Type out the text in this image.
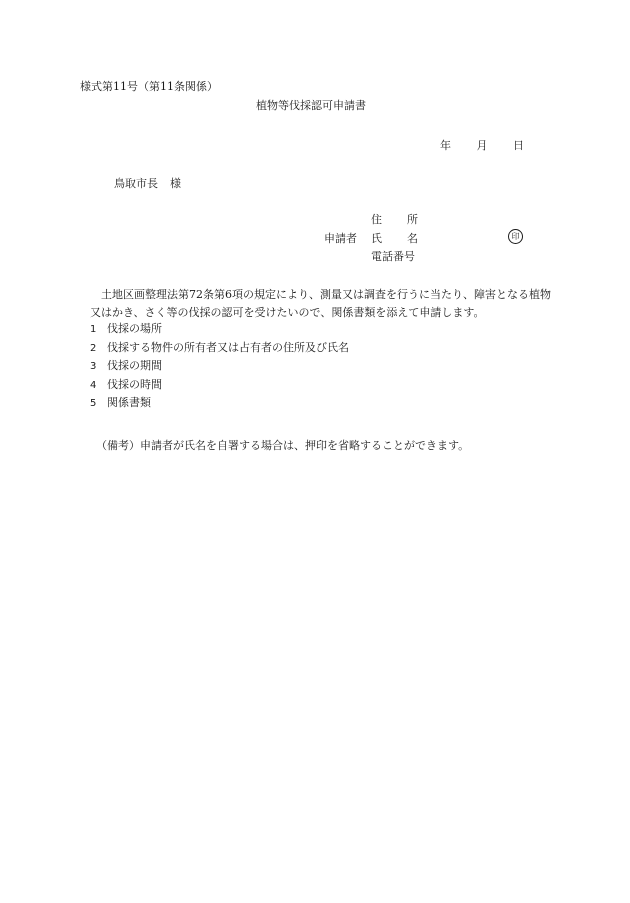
様式第11号（第11条関係）
植物等伐採認可申請書
年 月 日
鳥取市長 様
住 所
申請者 氏 名	印
電話番号
土地区画整理法第72条第6項の規定により、測量又は調査を行うに当たり、障害となる植物又はかき、さく等の伐採の認可を受けたいので、関係書類を添えて申請します。
1 伐採の場所
2 伐採する物件の所有者又は占有者の住所及び氏名
3 伐採の期間
4 伐採の時間
5 関係書類
（備考）申請者が氏名を自署する場合は、押印を省略することができます。
